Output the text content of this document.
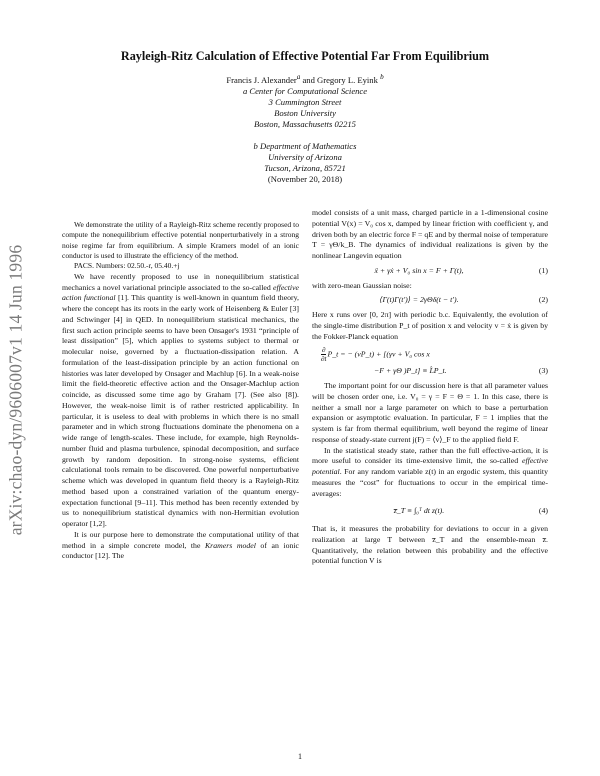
arXiv:chao-dyn/9606007v1 14 Jun 1996
Rayleigh-Ritz Calculation of Effective Potential Far From Equilibrium
Francis J. Alexander$^a$ and Gregory L. Eyink $^b$
a Center for Computational Science
3 Cummington Street
Boston University
Boston, Massachusetts 02215
b Department of Mathematics
University of Arizona
Tucson, Arizona, 85721
(November 20, 2018)

We demonstrate the utility of a Rayleigh-Ritz scheme recently proposed to compute the nonequilibrium effective potential nonperturbatively in a strong noise regime far from equilibrium. A simple Kramers model of an ionic conductor is used to illustrate the efficiency of the method.

PACS. Numbers: 02.50.-r, 05.40.+j

We have recently proposed to use in nonequilibrium statistical mechanics a novel variational principle associated to the so-called effective action functional [1]. This quantity is well-known in quantum field theory, where the concept has its roots in the early work of Heisenberg & Euler [3] and Schwinger [4] in QED. In nonequilibrium statistical mechanics, the first such action principle seems to have been Onsager's 1931 “principle of least dissipation” [5], which applies to systems subject to thermal or molecular noise, governed by a fluctuation-dissipation relation. A formulation of the least-dissipation principle by an action functional on histories was later developed by Onsager and Machlup [6]. In a weak-noise limit the field-theoretic effective action and the Onsager-Machlup action coincide, as discussed some time ago by Graham [7]. (See also [8]). However, the weak-noise limit is of rather restricted applicability. In particular, it is useless to deal with problems in which there is no small parameter and in which strong fluctuations dominate the phenomena on a wide range of length-scales. These include, for example, high Reynolds-number fluid and plasma turbulence, spinodal decomposition, and surface growth by random deposition. In strong-noise systems, efficient calculational tools remain to be discovered. One powerful nonperturbative scheme which was developed in quantum field theory is a Rayleigh-Ritz method based upon a constrained variation of the quantum energy-expectation functional [9–11]. This method has been recently extended by us to nonequilibrium statistical dynamics with non-Hermitian evolution operator [1,2].

It is our purpose here to demonstrate the computational utility of that method in a simple concrete model, the Kramers model of an ionic conductor [12]. The

model consists of a unit mass, charged particle in a 1-dimensional cosine potential V(x) = V₀ cos x, damped by linear friction with coefficient γ, and driven both by an electric force F = qE and by thermal noise of temperature T = γΘ/k_B. The dynamics of individual realizations is given by the nonlinear Langevin equation

ẍ + γẋ + V₀ sin x = F + Γ(t),	(1)

with zero-mean Gaussian noise:

⟨Γ(t)Γ(t′)⟩ = 2γΘδ(t − t′).	(2)

Here x runs over [0, 2π] with periodic b.c. Equivalently, the evolution of the single-time distribution P_t of position x and velocity v = ẋ is given by the Fokker-Planck equation

$\frac{\partial}{\partial t}$ P_t = − (vP_t) + [(γv + V₀ cos x
−F + γΘ )P_t] ≡ L̂P_t.	(3)

The important point for our discussion here is that all parameter values will be chosen order one, i.e. V₀ = γ = F = Θ = 1. In this case, there is neither a small nor a large parameter on which to base a perturbation expansion or asymptotic evaluation. In particular, F = 1 implies that the system is far from thermal equilibrium, well beyond the regime of linear response of steady-state current j(F) = ⟨v⟩_F to the applied field F.

In the statistical steady state, rather than the full effective-action, it is more useful to consider its time-extensive limit, the so-called effective potential. For any random variable z(t) in an ergodic system, this quantity measures the “cost” for fluctuations to occur in the empirical time-averages:

z̅_T ≡ ∫₀ᵀ dt z(t).	(4)

That is, it measures the probability for deviations to occur in a given realization at large T between z̅_T and the ensemble-mean z̅. Quantitatively, the relation between this probability and the effective potential function V is

1
